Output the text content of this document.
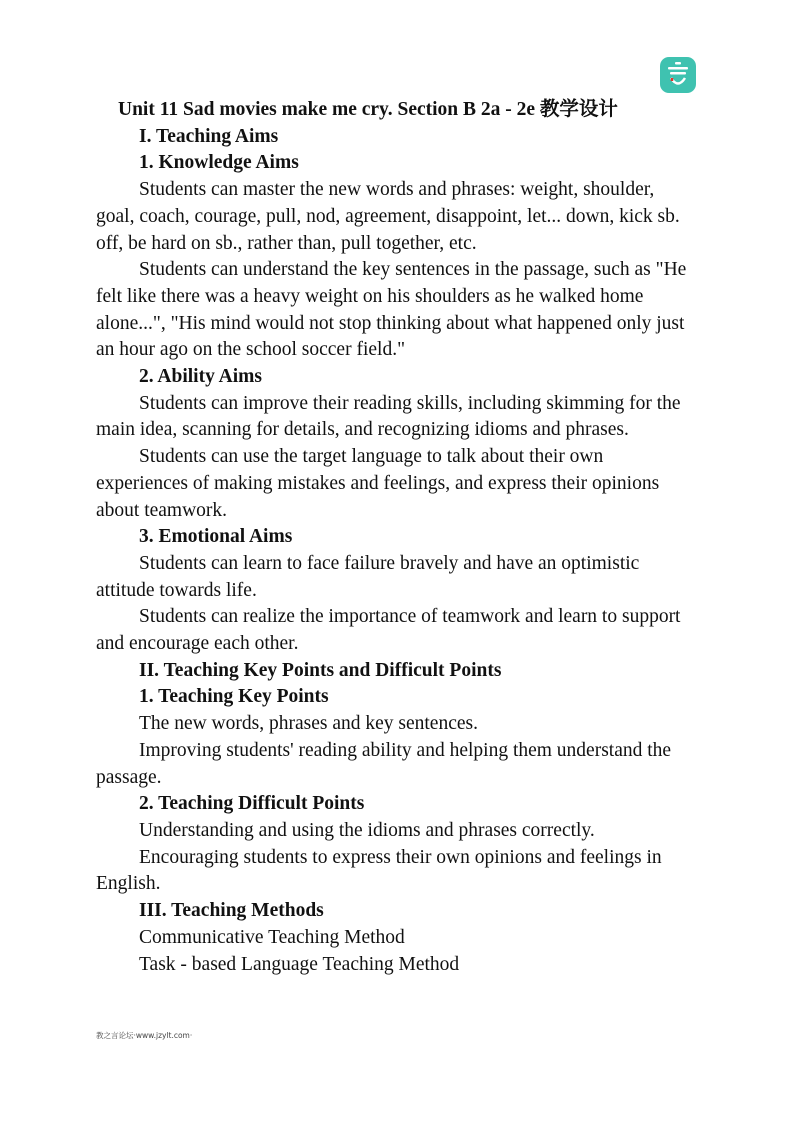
Unit 11 Sad movies make me cry. Section B 2a - 2e 教学设计
I. Teaching Aims
1. Knowledge Aims

Students can master the new words and phrases: weight, shoulder, goal, coach, courage, pull, nod, agreement, disappoint, let... down, kick sb. off, be hard on sb., rather than, pull together, etc.

Students can understand the key sentences in the passage, such as "He felt like there was a heavy weight on his shoulders as he walked home alone...", "His mind would not stop thinking about what happened only just an hour ago on the school soccer field."

2. Ability Aims

Students can improve their reading skills, including skimming for the main idea, scanning for details, and recognizing idioms and phrases.

Students can use the target language to talk about their own experiences of making mistakes and feelings, and express their opinions about teamwork.

3. Emotional Aims

Students can learn to face failure bravely and have an optimistic attitude towards life.

Students can realize the importance of teamwork and learn to support and encourage each other.

II. Teaching Key Points and Difficult Points
1. Teaching Key Points

The new words, phrases and key sentences.

Improving students' reading ability and helping them understand the passage.

2. Teaching Difficult Points

Understanding and using the idioms and phrases correctly.

Encouraging students to express their own opinions and feelings in English.

III. Teaching Methods

Communicative Teaching Method

Task - based Language Teaching Method

教之言论坛·www.jzylt.com·
